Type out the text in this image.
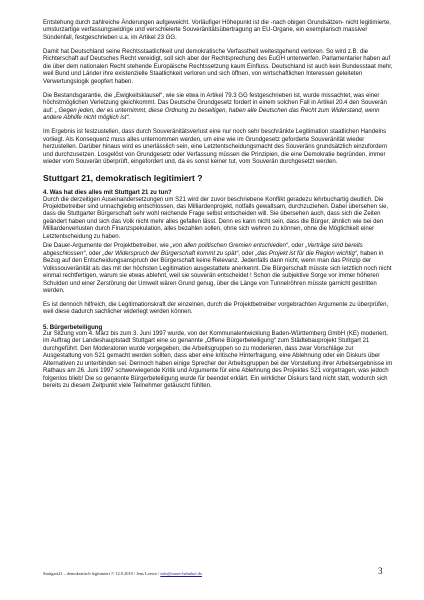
Entstehung durch zahlreiche Änderungen aufgeweicht. Vorläufiger Höhepunkt ist die -nach obigen Grundsätzen- nicht legitimierte, umsturzartige verfassungswidrige und verschleierte Souveränitätsübertragung an EU-Organe, ein exemplarisch massiver Sündenfall, festgeschrieben u.a. im Artikel 23 GG.

Damit hat Deutschland seine Rechtsstaatlichkeit und demokratische Verfasstheit weitestgehend verloren. So wird z.B. die Richterschaft auf Deutsches Recht vereidigt, soll sich aber der Rechtsprechung des EuGH unterwerfen. Parlamentarier haben auf die über dem nationalen Recht stehende Europäische Rechtssetzung kaum Einfluss. Deutschland ist auch kein Bundesstaat mehr, weil Bund und Länder ihre existenzielle Staatlichkeit verloren und sich öffnen, von wirtschaftlichen Interessen geleiteten Verwertungslogik geopfert haben.

Die Bestandsgarantie, die „Ewigkeitsklausel“, wie sie etwa in Artikel 79.3 GG festgeschrieben ist, wurde missachtet, was einer höchstmöglichen Verletzung gleichkommt. Das Deutsche Grundgesetz fordert in einem solchen Fall in Artikel 20.4 den Souverän auf: „ Gegen jeden, der es unternimmt, diese Ordnung zu beseitigen, haben alle Deutschen das Recht zum Widerstand, wenn andere Abhilfe nicht möglich ist“.

Im Ergebnis ist festzustellen, dass durch Souveränitätsverlust eine nur noch sehr beschränkte Legitimation staatlichen Handelns vorliegt. Als Konsequenz muss alles unternommen werden, um eine wie im Grundgesetz geforderte Souveränität wieder herzustellen. Darüber hinaus wird es unerlässlich sein, eine Letztentscheidungsmacht des Souveräns grundsätzlich einzufordern und durchzusetzen. Losgelöst von Grundgesetz oder Verfassung müssen die Prinzipien, die eine Demokratie begründen, immer wieder vom Souverän überprüft, eingefordert und, da es sonst keiner tut, vom Souverän durchgesetzt werden.

Stuttgart 21, demokratisch legitimiert ?
4. Was hat dies alles mit Stuttgart 21 zu tun?

Durch die derzeitigen Auseinandersetzungen um S21 wird der zuvor beschriebene Konflikt geradezu lehrbuchartig deutlich. Die Projektbetreiber sind unnachgiebig entschlossen, das Milliardenprojekt, notfalls gewaltsam, durchzuziehen. Dabei übersehen sie, dass die Stuttgarter Bürgerschaft sehr wohl reichende Frage selbst entscheiden will. Sie übersehen auch, dass sich die Zeiten geändert haben und sich das Volk nicht mehr alles gefallen lässt. Denn es kann nicht sein, dass die Bürger, ähnlich wie bei den Milliardenverlusten durch Finanzspekulation, alles bezahlen sollen, ohne sich wehren zu können, ohne die Möglichkeit einer Letztentscheidung zu haben.

Die Dauer-Argumente der Projektbetreiber, wie „von allen politischen Gremien entschieden“, oder „Verträge sind bereits abgeschlossen“, oder „der Widerspruch der Bürgerschaft kommt zu spät“, oder „das Projekt ist für die Region wichtig“, haben in Bezug auf den Entscheidungsanspruch der Bürgerschaft keine Relevanz. Jedenfalls dann nicht, wenn man das Prinzip der Volkssouveränität als das mit der höchsten Legitimation ausgestattete anerkennt. Die Bürgerschaft müsste sich letztlich noch nicht einmal rechtfertigen, warum sie etwas ablehnt, weil sie souverän entscheidet ! Schon die subjektive Sorge vor immer höheren Schulden und einer Zerstörung der Umwelt wären Grund genug, über die Länge von Tunnelröhren müsste garnicht gestritten werden.

Es ist dennoch hilfreich, die Legitimationskraft der einzelnen, durch die Projektbetreiber vorgebrachten Argumente zu überprüfen, weil diese dadurch sachlicher widerlegt werden können.

5. Bürgerbeteiligung

Zur Sitzung vom 4. März bis zum 3. Juni 1997 wurde, von der Kommunalentwicklung Baden-Württemberg GmbH (KE) moderiert, im Auftrag der Landeshauptstadt Stuttgart eine so genannte „Offene Bürgerbeteiligung“ zum Städtebauprojekt Stuttgart 21 durchgeführt. Den Moderatoren wurde vorgegeben, die Arbeitsgruppen so zu moderieren, dass zwar Vorschläge zur Ausgestaltung von S21 gemacht werden sollten, dass aber eine kritische Hinterfragung, eine Ablehnung oder ein Diskurs über Alternativen zu unterbinden sei. Dennoch haben einige Sprecher der Arbeitsgruppen bei der Vorstellung ihrer Arbeitsergebnisse im Rathaus am 26. Juni 1997 schwerwiegende Kritik und Argumente für eine Ablehnung des Projektes S21 vorgetragen, was jedoch folgenlos blieb! Die so genannte Bürgerbeteiligung wurde für beendet erklärt. Ein wirklicher Diskurs fand nicht statt, wodurch sich bereits zu diesem Zeitpunkt viele Teilnehmer getäuscht fühlten.

Stuttgart21 – demokratisch legitimiert ?/ 12.9.2010 / Jens Loewe / info@unser-bahnhof.de	3
